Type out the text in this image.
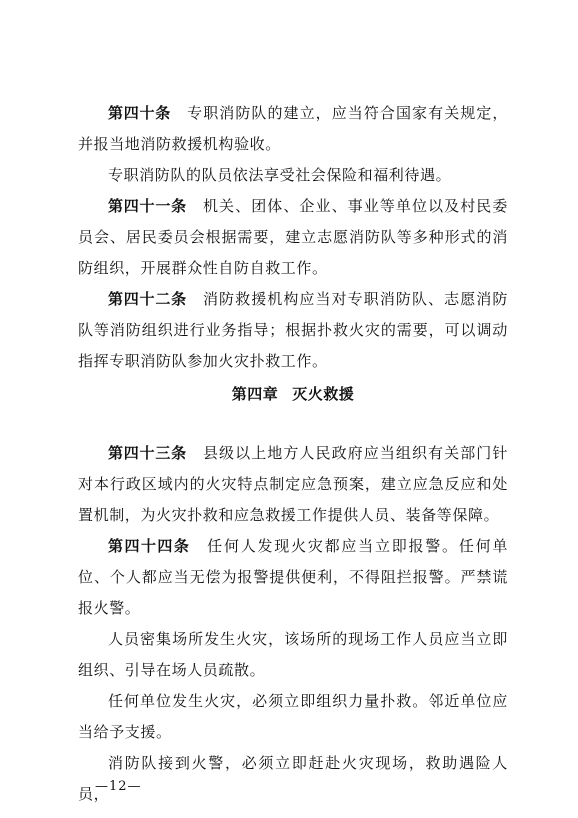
第四十条　 专职消防队的建立，应当符合国家有关规定，并报当地消防救援机构验收。

专职消防队的队员依法享受社会保险和福利待遇。

第四十一条　 机关、团体、企业、事业等单位以及村民委员会、居民委员会根据需要，建立志愿消防队等多种形式的消防组织，开展群众性自防自救工作。

第四十二条　 消防救援机构应当对专职消防队、志愿消防队等消防组织进行业务指导；根据扑救火灾的需要，可以调动指挥专职消防队参加火灾扑救工作。

第四章 灭火救援

第四十三条　 县级以上地方人民政府应当组织有关部门针对本行政区域内的火灾特点制定应急预案，建立应急反应和处置机制，为火灾扑救和应急救援工作提供人员、装备等保障。

第四十四条　 任何人发现火灾都应当立即报警。任何单位、个人都应当无偿为报警提供便利，不得阻拦报警。严禁谎报火警。

人员密集场所发生火灾，该场所的现场工作人员应当立即组织、引导在场人员疏散。

任何单位发生火灾，必须立即组织力量扑救。邻近单位应当给予支援。

消防队接到火警，必须立即赶赴火灾现场，救助遇险人员，

—12—
